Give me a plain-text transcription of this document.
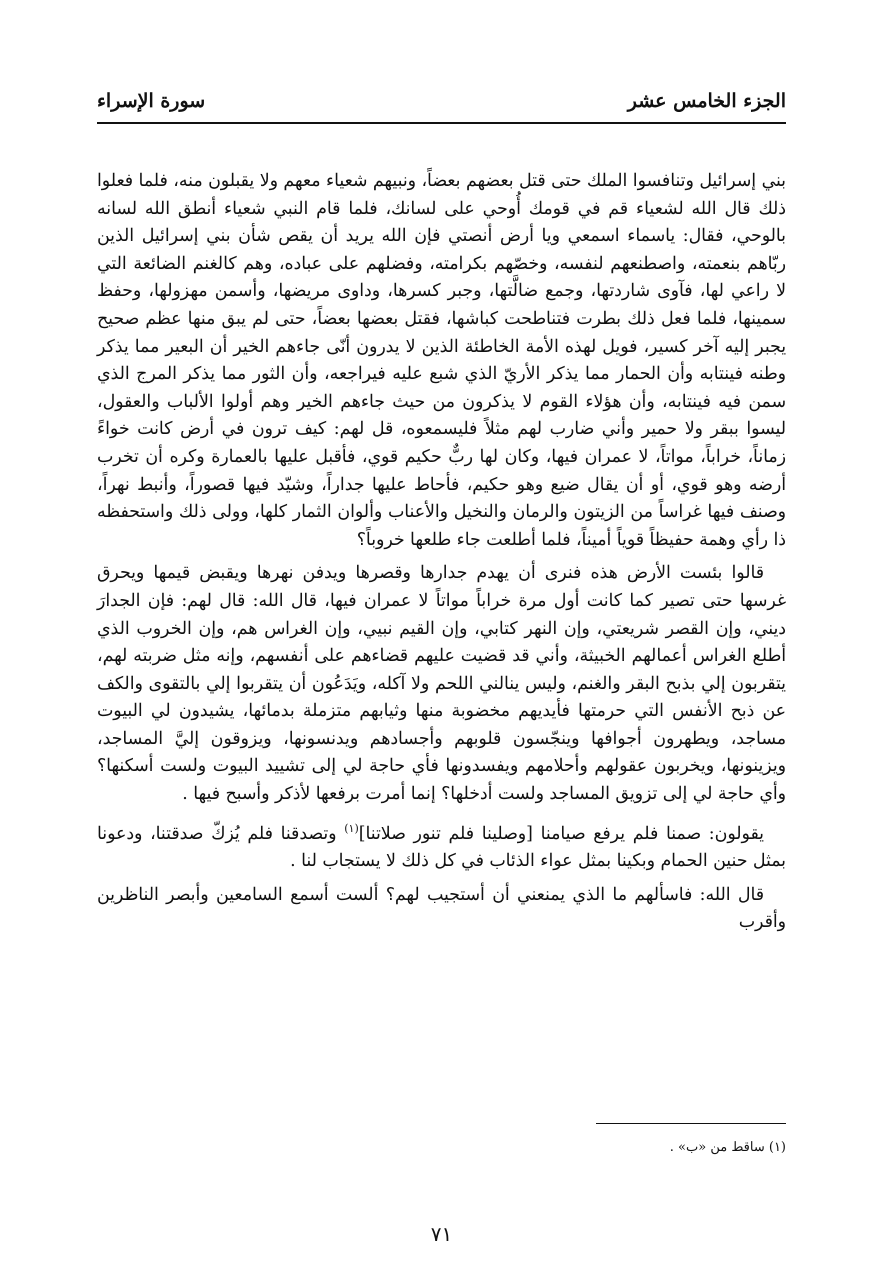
الجزء الخامس عشر
سورة الإسراء

بني إسرائيل وتنافسوا الملك حتى قتل بعضهم بعضاً، ونبيهم شعياء معهم ولا يقبلون منه، فلما فعلوا ذلك قال الله لشعياء قم في قومك أُوحي على لسانك، فلما قام النبي شعياء أنطق الله لسانه بالوحي، فقال: ياسماء اسمعي ويا أرض أنصتي فإن الله يريد أن يقص شأن بني إسرائيل الذين ربّاهم بنعمته، واصطنعهم لنفسه، وخصّهم بكرامته، وفضلهم على عباده، وهم كالغنم الضائعة التي لا راعي لها، فآوى شاردتها، وجمع ضالَّتها، وجبر كسرها، وداوى مريضها، وأسمن مهزولها، وحفظ سمينها، فلما فعل ذلك بطرت فتناطحت كباشها، فقتل بعضها بعضاً، حتى لم يبق منها عظم صحيح يجبر إليه آخر كسير، فويل لهذه الأمة الخاطئة الذين لا يدرون أنّى جاءهم الخير أن البعير مما يذكر وطنه فينتابه وأن الحمار مما يذكر الأريّ الذي شبع عليه فيراجعه، وأن الثور مما يذكر المرج الذي سمن فيه فينتابه، وأن هؤلاء القوم لا يذكرون من حيث جاءهم الخير وهم أولوا الألباب والعقول، ليسوا ببقر ولا حمير وأني ضارب لهم مثلاً فليسمعوه، قل لهم: كيف ترون في أرض كانت خواءً زماناً، خراباً، مواتاً، لا عمران فيها، وكان لها ربٌّ حكيم قوي، فأقبل عليها بالعمارة وكره أن تخرب أرضه وهو قوي، أو أن يقال ضيع وهو حكيم، فأحاط عليها جداراً، وشيّد فيها قصوراً، وأنبط نهراً، وصنف فيها غراساً من الزيتون والرمان والنخيل والأعناب وألوان الثمار كلها، وولى ذلك واستحفظه ذا رأي وهمة حفيظاً قوياً أميناً، فلما أطلعت جاء طلعها خروباً؟

قالوا بئست الأرض هذه فنرى أن يهدم جدارها وقصرها ويدفن نهرها ويقبض قيمها ويحرق غرسها حتى تصير كما كانت أول مرة خراباً مواتاً لا عمران فيها، قال الله: قال لهم: فإن الجدارَ ديني، وإن القصر شريعتي، وإن النهر كتابي، وإن القيم نبيي، وإن الغراس هم، وإن الخروب الذي أطلع الغراس أعمالهم الخبيثة، وأني قد قضيت عليهم قضاءهم على أنفسهم، وإنه مثل ضربته لهم، يتقربون إلي بذبح البقر والغنم، وليس ينالني اللحم ولا آكله، ويَدَعُون أن يتقربوا إلي بالتقوى والكف عن ذبح الأنفس التي حرمتها فأيديهم مخضوبة منها وثيابهم متزملة بدمائها، يشيدون لي البيوت مساجد، ويطهرون أجوافها وينجّسون قلوبهم وأجسادهم ويدنسونها، ويزوقون إليَّ المساجد، ويزينونها، ويخربون عقولهم وأحلامهم ويفسدونها فأي حاجة لي إلى تشييد البيوت ولست أسكنها؟ وأي حاجة لي إلى تزويق المساجد ولست أدخلها؟ إنما أمرت برفعها لأذكر وأسبح فيها .

يقولون: صمنا فلم يرفع صيامنا [وصلينا فلم تنور صلاتنا]$^{(١)}$ وتصدقنا فلم يُزكّ صدقتنا، ودعونا بمثل حنين الحمام وبكينا بمثل عواء الذئاب في كل ذلك لا يستجاب لنا .

قال الله: فاسألهم ما الذي يمنعني أن أستجيب لهم؟ ألست أسمع السامعين وأبصر الناظرين وأقرب

(١) ساقط من «ب» .
٧١
